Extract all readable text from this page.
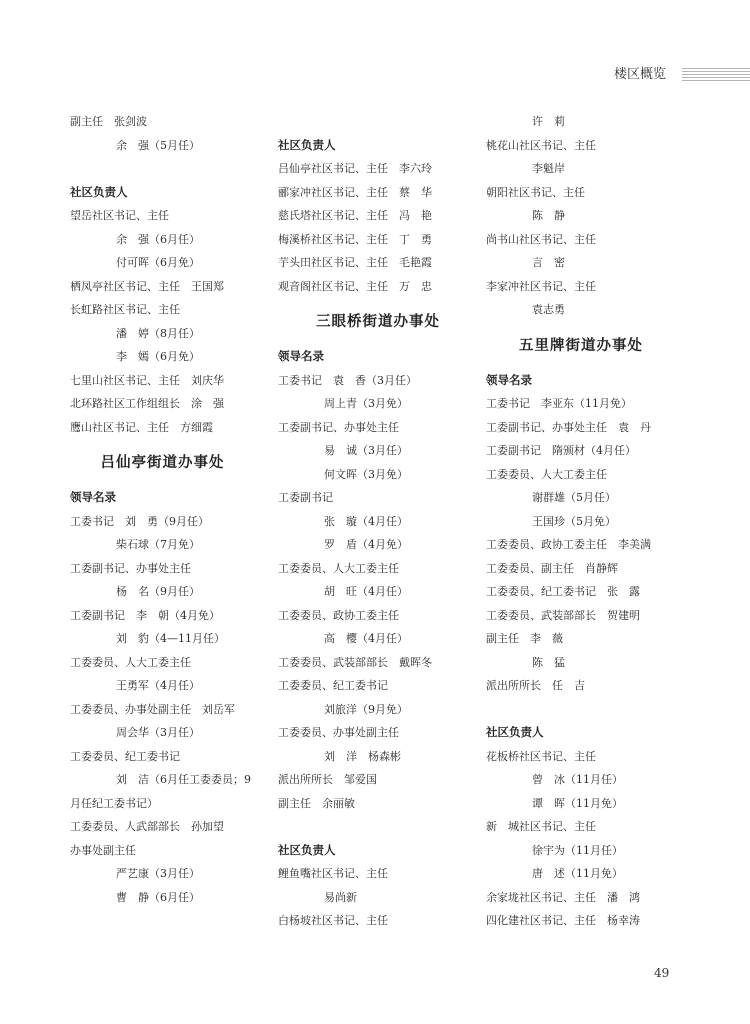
楼区概览
副主任　张剑波
余　强（5月任）
社区负责人
望岳社区书记、主任
余　强（6月任）
付可晖（6月免）
栖凤亭社区书记、主任　王国郑
长虹路社区书记、主任
潘　婷（8月任）
李　嫣（6月免）
七里山社区书记、主任　刘庆华
北环路社区工作组组长　涂　强
鹰山社区书记、主任　方细霞
吕仙亭街道办事处
领导名录
工委书记　刘　勇（9月任）
柴石球（7月免）
工委副书记、办事处主任
杨　名（9月任）
工委副书记　李　朝（4月免）
刘　豹（4—11月任）
工委委员、人大工委主任
王勇军（4月任）
工委委员、办事处副主任　刘岳军
周会华（3月任）
工委委员、纪工委书记
刘　洁（6月任工委委员；9
月任纪工委书记）
工委委员、人武部部长　孙加望
办事处副主任
严艺康（3月任）
曹　静（6月任）
社区负责人
吕仙亭社区书记、主任　李六玲
郦家冲社区书记、主任　蔡　华
慈氏塔社区书记、主任　冯　艳
梅溪桥社区书记、主任　丁　勇
芋头田社区书记、主任　毛艳霞
观音阁社区书记、主任　万　忠
三眼桥街道办事处
领导名录
工委书记　袁　香（3月任）
周上青（3月免）
工委副书记、办事处主任
易　诚（3月任）
何文晖（3月免）
工委副书记
张　璇（4月任）
罗　盾（4月免）
工委委员、人大工委主任
胡　旺（4月任）
工委委员、政协工委主任
高　樱（4月任）
工委委员、武装部部长　戴晖冬
工委委员、纪工委书记
刘旅洋（9月免）
工委委员、办事处副主任
刘　洋　杨森彬
派出所所长　邹爱国
副主任　余丽敏
社区负责人
鲤鱼嘴社区书记、主任
易尚新
白杨坡社区书记、主任
许　莉
桃花山社区书记、主任
李魁岸
朝阳社区书记、主任
陈　静
尚书山社区书记、主任
言　密
李家冲社区书记、主任
袁志勇
五里牌街道办事处
领导名录
工委书记　李亚东（11月免）
工委副书记、办事处主任　袁　丹
工委副书记　隋颁材（4月任）
工委委员、人大工委主任
谢群雄（5月任）
王国珍（5月免）
工委委员、政协工委主任　李美满
工委委员、副主任　肖静辉
工委委员、纪工委书记　张　露
工委委员、武装部部长　贺建明
副主任　李　薇
陈　猛
派出所所长　任　吉
社区负责人
花板桥社区书记、主任
曾　冰（11月任）
谭　晖（11月免）
新　城社区书记、主任
徐宇为（11月任）
唐　述（11月免）
余家垅社区书记、主任　潘　鸿
四化建社区书记、主任　杨幸涛
49
